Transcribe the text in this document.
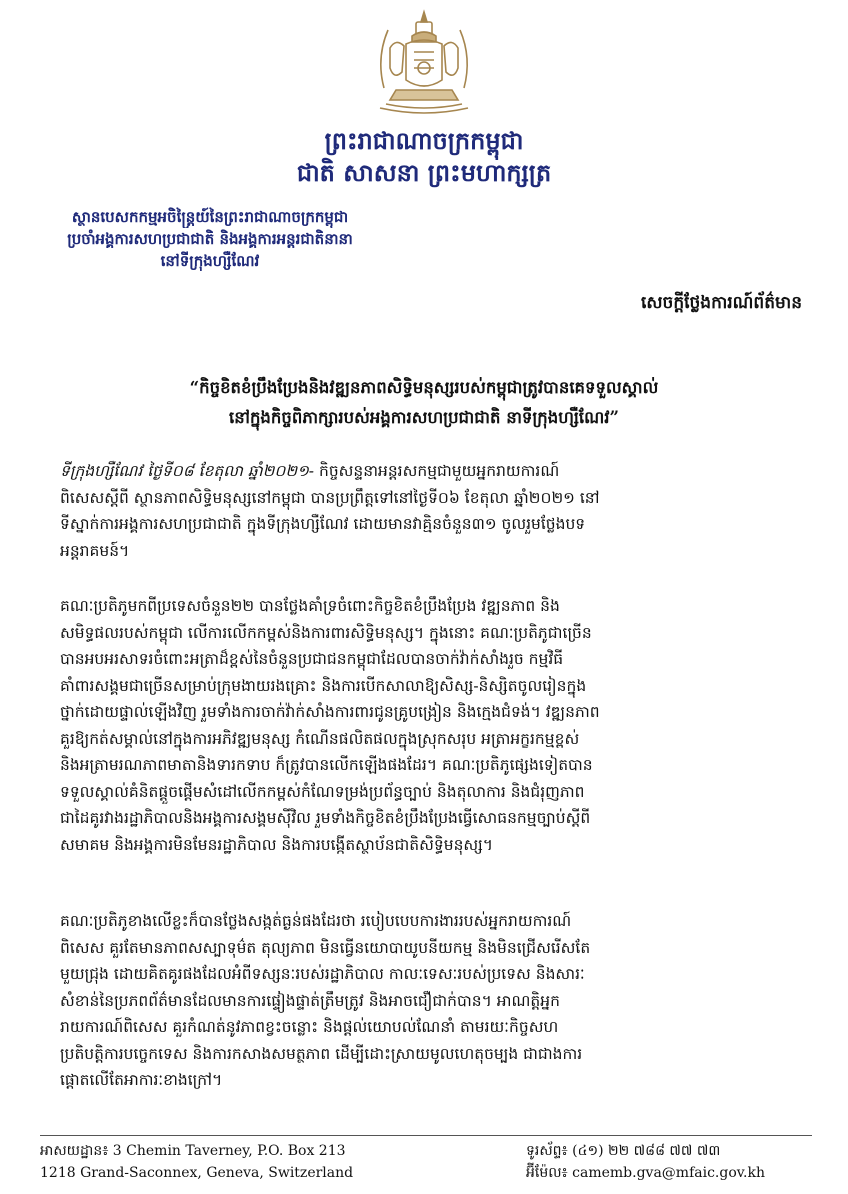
ព្រះរាជាណាចក្រកម្ពុជា
ជាតិ សាសនា ព្រះមហាក្សត្រ
ស្ថានបេសកកម្មអចិន្ត្រៃយ៍នៃព្រះរាជាណាចក្រកម្ពុជា
ប្រចាំអង្គការសហប្រជាជាតិ និងអង្គការអន្តរជាតិនានា
នៅទីក្រុងហ្សឺណែវ
សេចក្តីថ្លែងការណ៍ព័ត៌មាន
“កិច្ចខិតខំប្រឹងប្រែងនិងវឌ្ឍនភាពសិទ្ធិមនុស្សរបស់កម្ពុជាត្រូវបានគេទទួលស្គាល់
នៅក្នុងកិច្ចពិភាក្សារបស់អង្គការសហប្រជាជាតិ នាទីក្រុងហ្សឺណែវ”
ទីក្រុងហ្សឺណែវ ថ្ងៃទី០៨ ខែតុលា ឆ្នាំ២០២១- កិច្ចសន្ទនាអន្តរសកម្មជាមួយអ្នករាយការណ៍
ពិសេសស្តីពី ស្ថានភាពសិទ្ធិមនុស្សនៅកម្ពុជា បានប្រព្រឹត្តទៅនៅថ្ងៃទី០៦ ខែតុលា ឆ្នាំ២០២១ នៅ
ទីស្នាក់ការអង្គការសហប្រជាជាតិ ក្នុងទីក្រុងហ្សឺណែវ ដោយមានវាគ្មិនចំនួន៣១ ចូលរួមថ្លែងបទ
អន្តរាគមន៍។
គណៈប្រតិភូមកពីប្រទេសចំនួន២២ បានថ្លែងគាំទ្រចំពោះកិច្ចខិតខំប្រឹងប្រែង វឌ្ឍនភាព និង
សមិទ្ធផលរបស់កម្ពុជា លើការលើកកម្ពស់និងការពារសិទ្ធិមនុស្ស។ ក្នុងនោះ គណៈប្រតិភូជាច្រើន
បានអបអរសាទរចំពោះអត្រាដ៏ខ្ពស់នៃចំនួនប្រជាជនកម្ពុជាដែលបានចាក់វ៉ាក់សាំងរួច កម្មវិធី
គាំពារសង្គមជាច្រើនសម្រាប់ក្រុមងាយរងគ្រោះ និងការបើកសាលាឱ្យសិស្ស-និស្សិតចូលរៀនក្នុង
ថ្នាក់ដោយផ្ទាល់ឡើងវិញ រួមទាំងការចាក់វ៉ាក់សាំងការពារជូនគ្រូបង្រៀន និងក្មេងជំទង់។ វឌ្ឍនភាព
គួរឱ្យកត់សម្គាល់នៅក្នុងការអភិវឌ្ឍមនុស្ស កំណើនផលិតផលក្នុងស្រុកសរុប អត្រាអក្ខរកម្មខ្ពស់
និងអត្រាមរណភាពមាតានិងទារកទាប ក៏ត្រូវបានលើកឡើងផងដែរ។ គណៈប្រតិភូផ្សេងទៀតបាន
ទទួលស្គាល់គំនិតផ្តួចផ្តើមសំដៅលើកកម្ពស់កំណែទម្រង់ប្រព័ន្ធច្បាប់ និងតុលាការ និងជំរុញភាព
ជាដៃគូរវាងរដ្ឋាភិបាលនិងអង្គការសង្គមស៊ីវិល រួមទាំងកិច្ចខិតខំប្រឹងប្រែងធ្វើសោធនកម្មច្បាប់ស្តីពី
សមាគម និងអង្គការមិនមែនរដ្ឋាភិបាល និងការបង្កើតស្ថាប័នជាតិសិទ្ធិមនុស្ស។
គណៈប្រតិភូខាងលើខ្លះក៏បានថ្លែងសង្កត់ធ្ងន់ផងដែរថា របៀបបេបការងាររបស់អ្នករាយការណ៍
ពិសេស គួរតែមានភាពសស្បាទុម៌ត តុល្យភាព មិនធ្វើនយោបាយូបនីយកម្ម និងមិនជ្រើសរើសតែ
មួយជ្រុង ដោយគិតគូរផងដែលអំពីទស្សនៈរបស់រដ្ឋាភិបាល កាលៈទេសៈរបស់ប្រទេស និងសារៈ
សំខាន់នៃប្រភពព័ត៌មានដែលមានការផ្ទៀងផ្ទាត់ត្រឹមត្រូវ និងអាចជឿជាក់បាន។ អាណត្តិអ្នក
រាយការណ៍ពិសេស គួរកំណត់នូវភាពខ្វះចន្លោះ និងផ្តល់យោបល់ណែនាំ តាមរយៈកិច្ចសហ
ប្រតិបត្តិការបច្ចេកទេស និងការកសាងសមត្ថភាព ដើម្បីដោះស្រាយមូលហេតុចម្បង ជាជាងការ
ផ្តោតលើតែអាការៈខាងក្រៅ។
អាសយដ្ឋាន៖ 3 Chemin Taverney, P.O. Box 213
1218 Grand-Saconnex, Geneva, Switzerland
ទូរស័ព្ទ៖ (៤១) ២២ ៧៨៨ ៧៧ ៧៣
អ៊ីម៉ែល៖ camemb.gva@mfaic.gov.kh
